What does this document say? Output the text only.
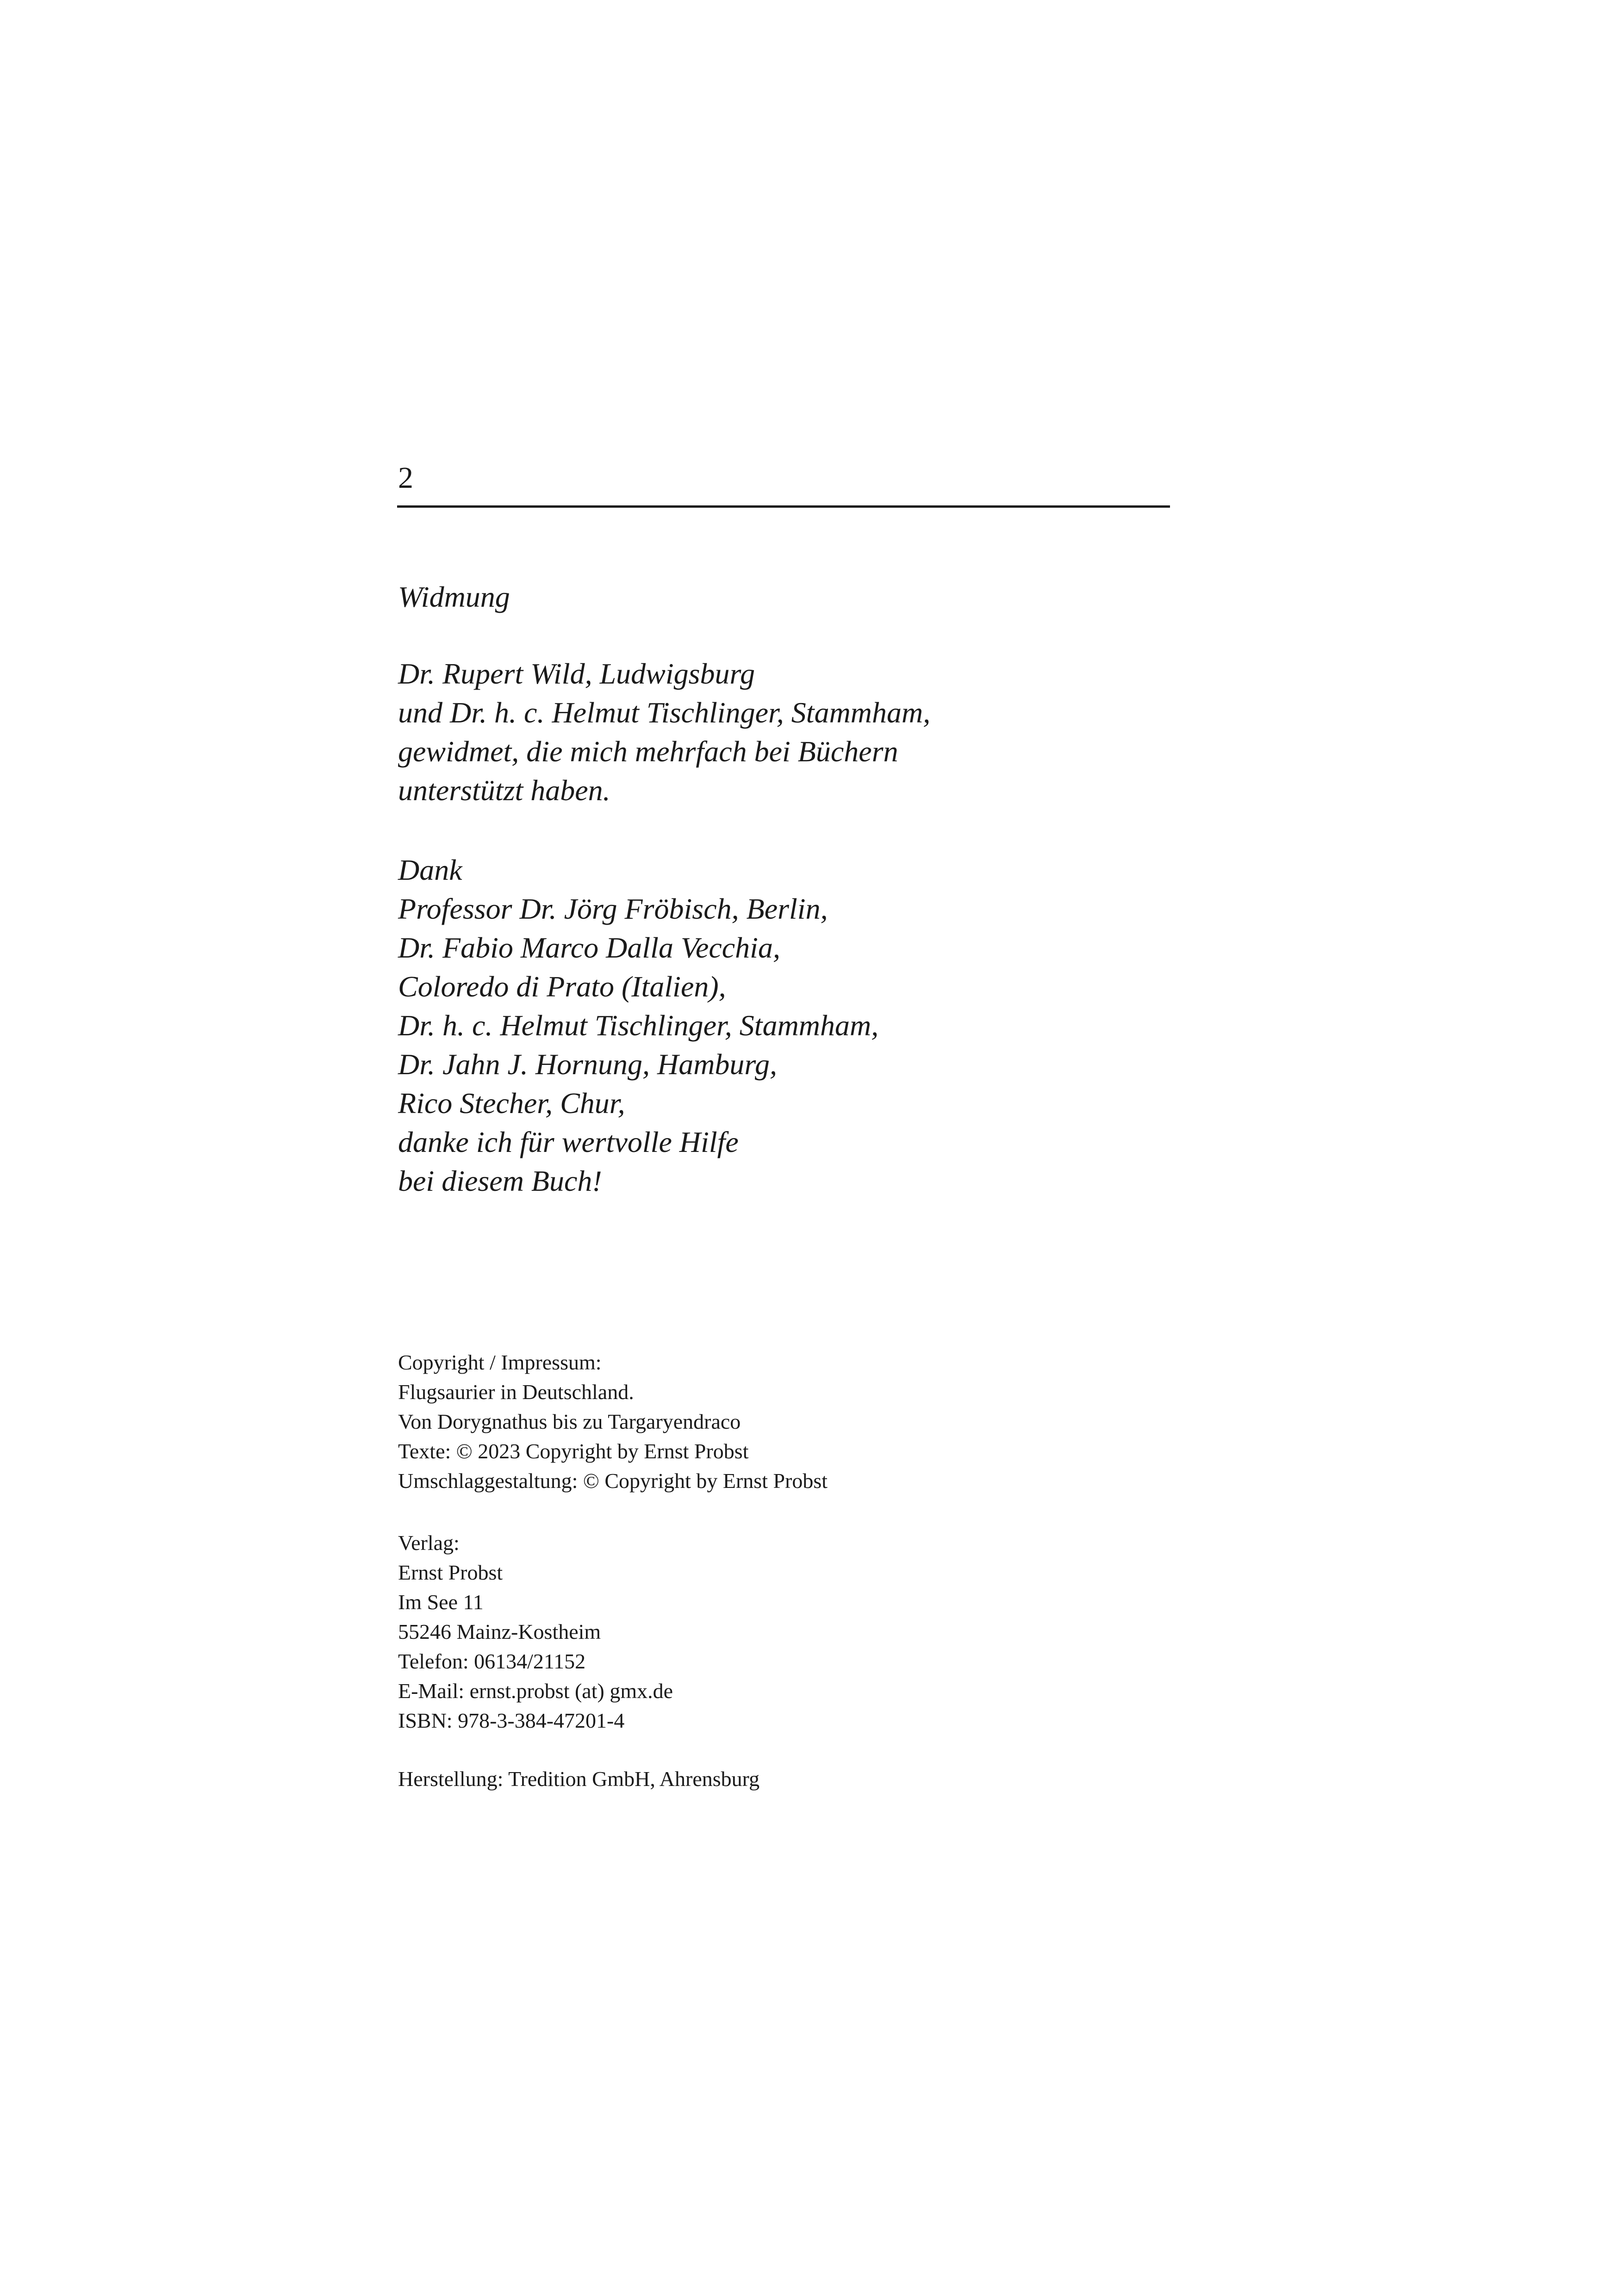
2
Widmung
Dr. Rupert Wild, Ludwigsburg
und Dr. h. c. Helmut Tischlinger, Stammham,
gewidmet, die mich mehrfach bei Büchern
unterstützt haben.
Dank
Professor Dr. Jörg Fröbisch, Berlin,
Dr. Fabio Marco Dalla Vecchia,
Coloredo di Prato (Italien),
Dr. h. c. Helmut Tischlinger, Stammham,
Dr. Jahn J. Hornung, Hamburg,
Rico Stecher, Chur,
danke ich für wertvolle Hilfe
bei diesem Buch!
Copyright / Impressum:
Flugsaurier in Deutschland.
Von Dorygnathus bis zu Targaryendraco
Texte: © 2023 Copyright by Ernst Probst
Umschlaggestaltung: © Copyright by Ernst Probst
Verlag:
Ernst Probst
Im See 11
55246 Mainz-Kostheim
Telefon: 06134/21152
E-Mail: ernst.probst (at) gmx.de
ISBN: 978-3-384-47201-4
Herstellung: Tredition GmbH, Ahrensburg
